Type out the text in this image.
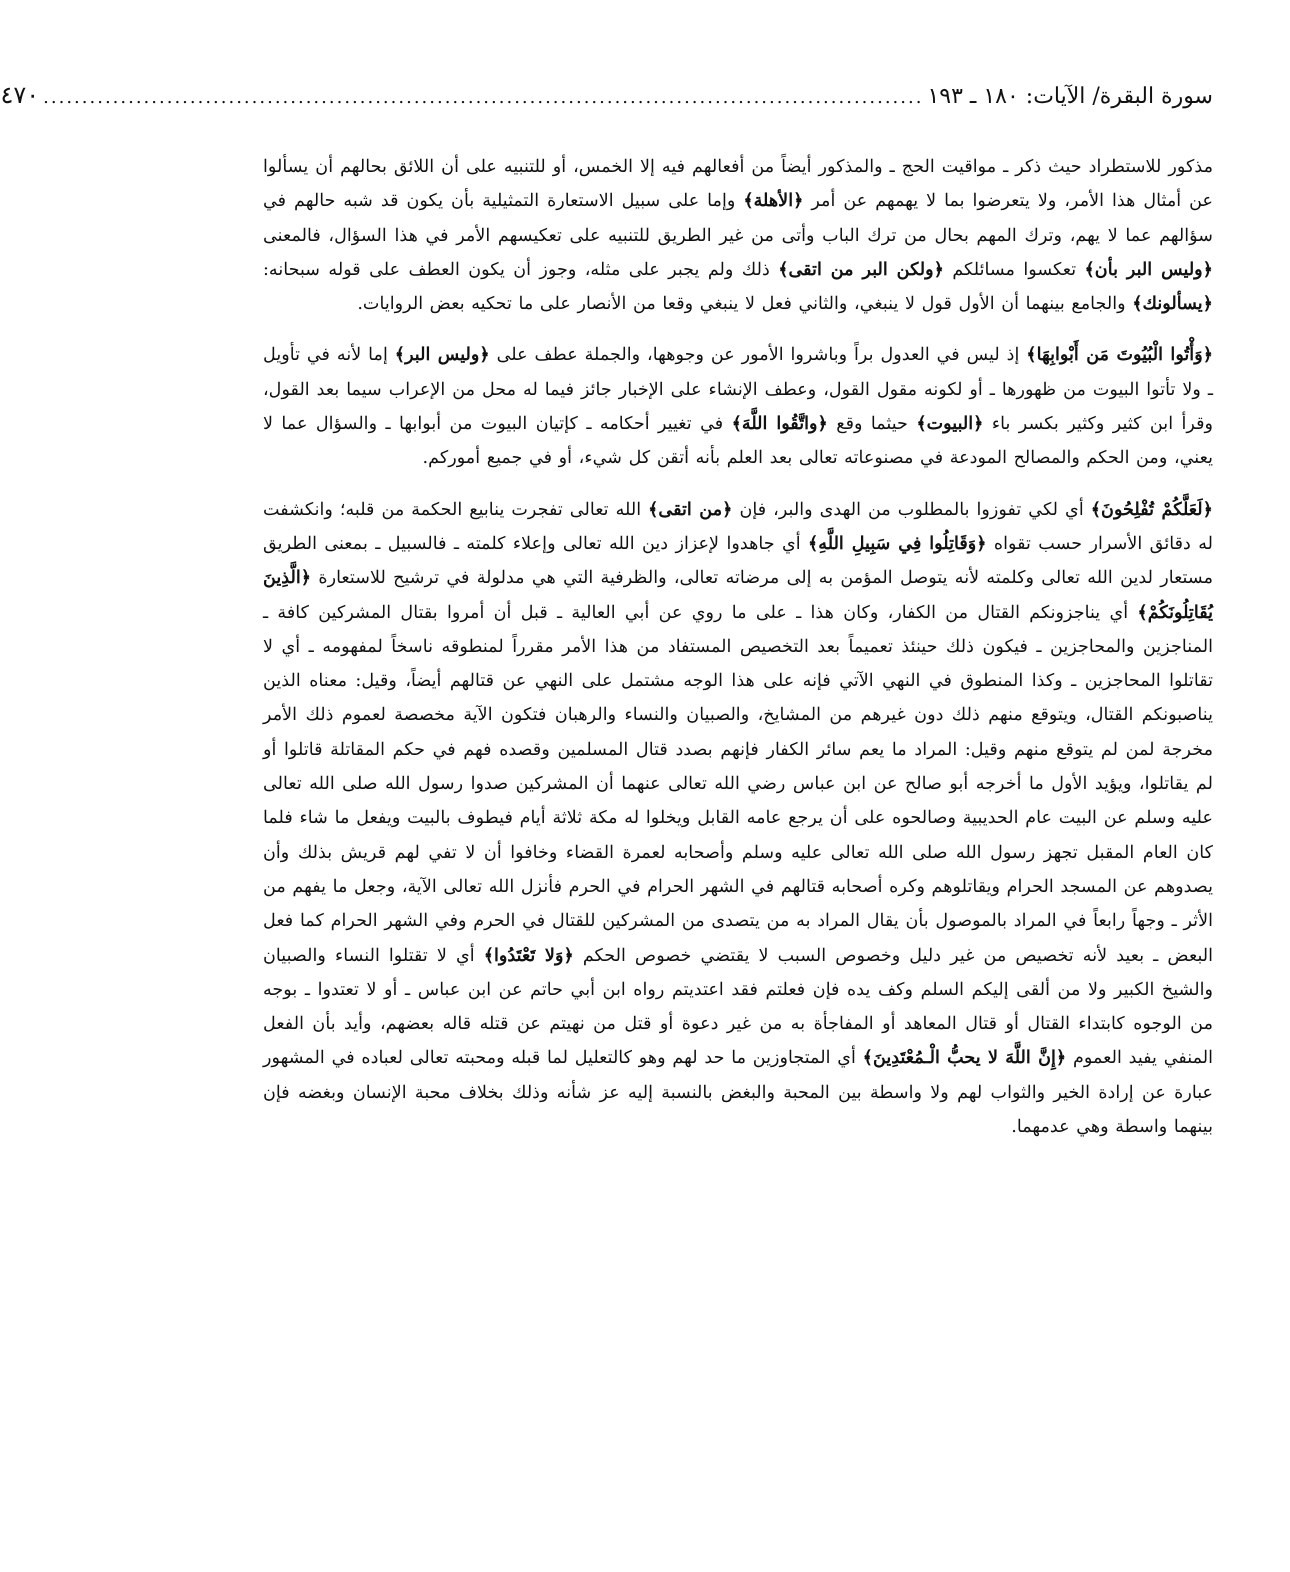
سورة البقرة/ الآيات: ١٨٠ ـ ١٩٣
..................................................................................................................
٤٧٠

مذكور للاستطراد حيث ذكر ـ مواقيت الحج ـ والمذكور أيضاً من أفعالهم فيه إلا الخمس، أو للتنبيه على أن اللائق بحالهم أن يسألوا عن أمثال هذا الأمر، ولا يتعرضوا بما لا يهمهم عن أمر ﴿الأهلة﴾ وإما على سبيل الاستعارة التمثيلية بأن يكون قد شبه حالهم في سؤالهم عما لا يهم، وترك المهم بحال من ترك الباب وأتى من غير الطريق للتنبيه على تعكيسهم الأمر في هذا السؤال، فالمعنى ﴿وليس البر بأن﴾ تعكسوا مسائلكم ﴿ولكن البر من اتقى﴾ ذلك ولم يجبر على مثله، وجوز أن يكون العطف على قوله سبحانه: ﴿يسألونك﴾ والجامع بينهما أن الأول قول لا ينبغي، والثاني فعل لا ينبغي وقعا من الأنصار على ما تحكيه بعض الروايات.

﴿وَأْتُوا الْبُيُوتَ مَن أَبْوابِهَا﴾ إذ ليس في العدول براً وباشروا الأمور عن وجوهها، والجملة عطف على ﴿وليس البر﴾ إما لأنه في تأويل ـ ولا تأتوا البيوت من ظهورها ـ أو لكونه مقول القول، وعطف الإنشاء على الإخبار جائز فيما له محل من الإعراب سيما بعد القول، وقرأ ابن كثير وكثير بكسر باء ﴿البيوت﴾ حيثما وقع ﴿واتَّقُوا اللَّهَ﴾ في تغيير أحكامه ـ كإتيان البيوت من أبوابها ـ والسؤال عما لا يعني، ومن الحكم والمصالح المودعة في مصنوعاته تعالى بعد العلم بأنه أتقن كل شيء، أو في جميع أموركم.

﴿لَعَلَّكُمْ تُفْلِحُونَ﴾ أي لكي تفوزوا بالمطلوب من الهدى والبر، فإن ﴿من اتقى﴾ الله تعالى تفجرت ينابيع الحكمة من قلبه؛ وانكشفت له دقائق الأسرار حسب تقواه ﴿وَقَاتِلُوا فِي سَبِيلِ اللَّهِ﴾ أي جاهدوا لإعزاز دين الله تعالى وإعلاء كلمته ـ فالسبيل ـ بمعنى الطريق مستعار لدين الله تعالى وكلمته لأنه يتوصل المؤمن به إلى مرضاته تعالى، والظرفية التي هي مدلولة في ترشيح للاستعارة ﴿الَّذِينَ يُقَاتِلُونَكُمْ﴾ أي يناجزونكم القتال من الكفار، وكان هذا ـ على ما روي عن أبي العالية ـ قبل أن أمروا بقتال المشركين كافة ـ المناجزين والمحاجزين ـ فيكون ذلك حينئذ تعميماً بعد التخصيص المستفاد من هذا الأمر مقرراً لمنطوقه ناسخاً لمفهومه ـ أي لا تقاتلوا المحاجزين ـ وكذا المنطوق في النهي الآتي فإنه على هذا الوجه مشتمل على النهي عن قتالهم أيضاً، وقيل: معناه الذين يناصبونكم القتال، ويتوقع منهم ذلك دون غيرهم من المشايخ، والصبيان والنساء والرهبان فتكون الآية مخصصة لعموم ذلك الأمر مخرجة لمن لم يتوقع منهم وقيل: المراد ما يعم سائر الكفار فإنهم بصدد قتال المسلمين وقصده فهم في حكم المقاتلة قاتلوا أو لم يقاتلوا، ويؤيد الأول ما أخرجه أبو صالح عن ابن عباس رضي الله تعالى عنهما أن المشركين صدوا رسول الله صلى الله تعالى عليه وسلم عن البيت عام الحديبية وصالحوه على أن يرجع عامه القابل ويخلوا له مكة ثلاثة أيام فيطوف بالبيت ويفعل ما شاء فلما كان العام المقبل تجهز رسول الله صلى الله تعالى عليه وسلم وأصحابه لعمرة القضاء وخافوا أن لا تفي لهم قريش بذلك وأن يصدوهم عن المسجد الحرام ويقاتلوهم وكره أصحابه قتالهم في الشهر الحرام في الحرم فأنزل الله تعالى الآية، وجعل ما يفهم من الأثر ـ وجهاً رابعاً في المراد بالموصول بأن يقال المراد به من يتصدى من المشركين للقتال في الحرم وفي الشهر الحرام كما فعل البعض ـ بعيد لأنه تخصيص من غير دليل وخصوص السبب لا يقتضي خصوص الحكم ﴿وَلا تَعْتَدُوا﴾ أي لا تقتلوا النساء والصبيان والشيخ الكبير ولا من ألقى إليكم السلم وكف يده فإن فعلتم فقد اعتديتم رواه ابن أبي حاتم عن ابن عباس ـ أو لا تعتدوا ـ بوجه من الوجوه كابتداء القتال أو قتال المعاهد أو المفاجأة به من غير دعوة أو قتل من نهيتم عن قتله قاله بعضهم، وأيد بأن الفعل المنفي يفيد العموم ﴿إِنَّ اللَّهَ لا يحبُّ الْـمُعْتَدِينَ﴾ أي المتجاوزين ما حد لهم وهو كالتعليل لما قبله ومحبته تعالى لعباده في المشهور عبارة عن إرادة الخير والثواب لهم ولا واسطة بين المحبة والبغض بالنسبة إليه عز شأنه وذلك بخلاف محبة الإنسان وبغضه فإن بينهما واسطة وهي عدمهما.
